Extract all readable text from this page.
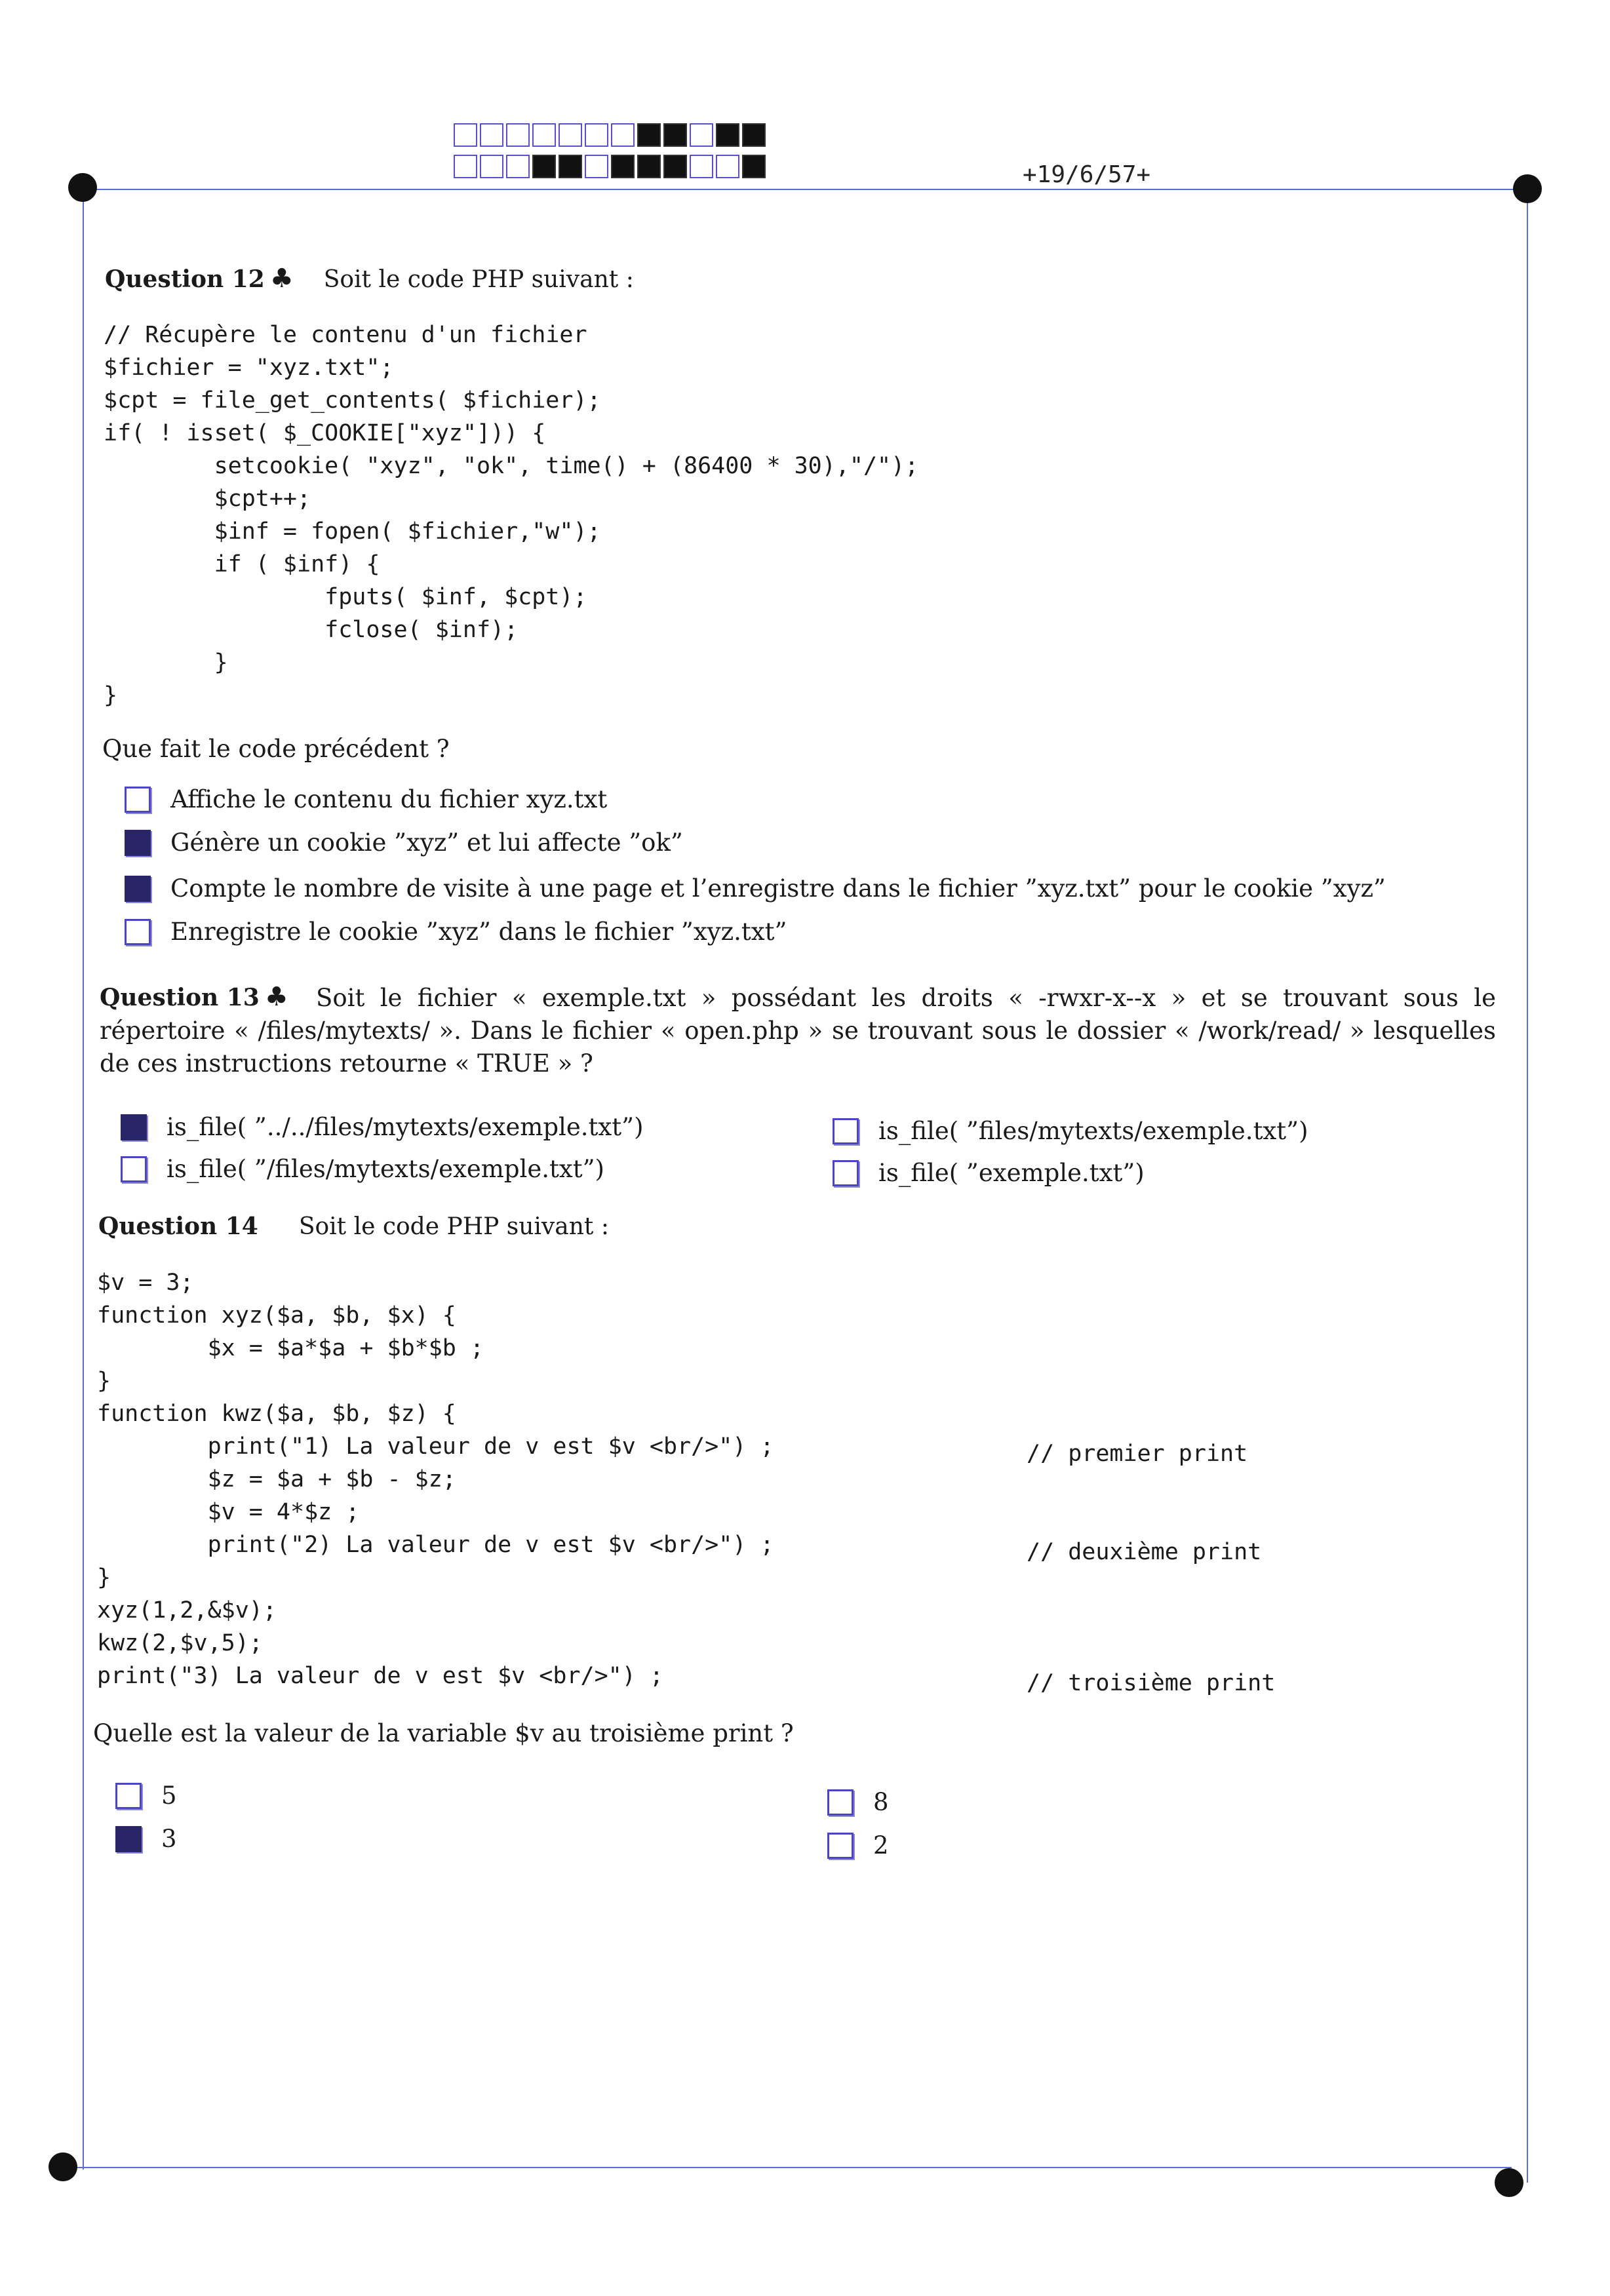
+19/6/57+
Question 12 ♣ Soit le code PHP suivant :
// Récupère le contenu d'un fichier
$fichier = "xyz.txt";
$cpt = file_get_contents( $fichier);
if( ! isset( $_COOKIE["xyz"])) {
setcookie( "xyz", "ok", time() + (86400 * 30),"/");
$cpt++;
$inf = fopen( $fichier,"w");
if ( $inf) {
fputs( $inf, $cpt);
fclose( $inf);
}
}
Que fait le code précédent ?
Affiche le contenu du fichier xyz.txt
Génère un cookie ”xyz” et lui affecte ”ok”
Compte le nombre de visite à une page et l’enregistre dans le fichier ”xyz.txt” pour le cookie ”xyz”
Enregistre le cookie ”xyz” dans le fichier ”xyz.txt”
Question 13 ♣	Soit le fichier « exemple.txt » possédant les droits « -rwxr-x--x » et se trouvant sous le répertoire « /files/mytexts/ ». Dans le fichier « open.php » se trouvant sous le dossier « /work/read/ » lesquelles de ces instructions retourne « TRUE » ?
is_file( ”../../files/mytexts/exemple.txt”)
is_file( ”/files/mytexts/exemple.txt”)
is_file( ”files/mytexts/exemple.txt”)
is_file( ”exemple.txt”)
Question 14 Soit le code PHP suivant :
$v = 3;
function xyz($a, $b, $x) {
$x = $a*$a + $b*$b ;
}
function kwz($a, $b, $z) {
print("1) La valeur de v est $v <br/>") ;
$z = $a + $b - $z;
$v = 4*$z ;
print("2) La valeur de v est $v <br/>") ;
}
xyz(1,2,&$v);
kwz(2,$v,5);
print("3) La valeur de v est $v <br/>") ;
// premier print
// deuxième print
// troisième print
Quelle est la valeur de la variable $v au troisième print ?
5
3
8
2
